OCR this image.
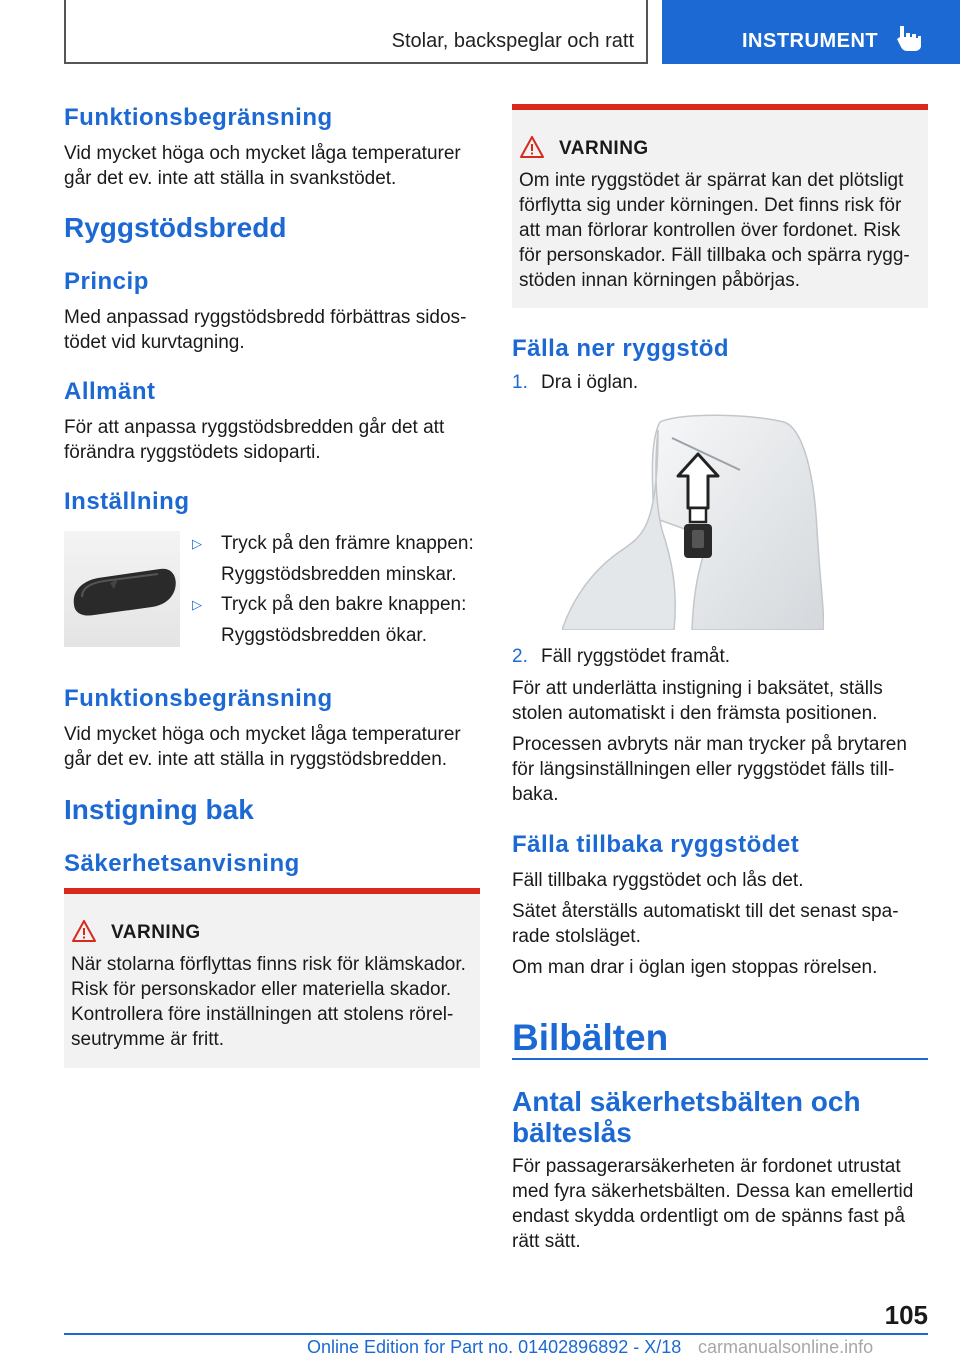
Stolar, backspeglar och ratt	INSTRUMENT
Funktionsbegränsning

Vid mycket höga och mycket låga temperaturer går det ev. inte att ställa in svankstödet.

Ryggstödsbredd
Princip

Med anpassad ryggstödsbredd förbättras sidostödet vid kurvtagning.

Allmänt

För att anpassa ryggstödsbredden går det att förändra ryggstödets sidoparti.

Inställning
▷ Tryck på den främre knappen:
Ryggstödsbredden minskar.
▷ Tryck på den bakre knappen:
Ryggstödsbredden ökar.
Funktionsbegränsning

Vid mycket höga och mycket låga temperaturer går det ev. inte att ställa in ryggstödsbredden.

Instigning bak
Säkerhetsanvisning
VARNING

När stolarna förflyttas finns risk för klämskador. Risk för personskador eller materiella skador. Kontrollera före inställningen att stolens rörelseutrymme är fritt.

VARNING

Om inte ryggstödet är spärrat kan det plötsligt förflytta sig under körningen. Det finns risk för att man förlorar kontrollen över fordonet. Risk för personskador. Fäll tillbaka och spärra ryggstöden innan körningen påbörjas.

Fälla ner ryggstöd
1. Dra i öglan.
2. Fäll ryggstödet framåt.

För att underlätta instigning i baksätet, ställs stolen automatiskt i den främsta positionen.

Processen avbryts när man trycker på brytaren för längsinställningen eller ryggstödet fälls tillbaka.

Fälla tillbaka ryggstödet

Fäll tillbaka ryggstödet och lås det.

Sätet återställs automatiskt till det senast sparade stolsläget.

Om man drar i öglan igen stoppas rörelsen.

Bilbälten
Antal säkerhetsbälten och bälteslås

För passagerarsäkerheten är fordonet utrustat med fyra säkerhetsbälten. Dessa kan emellertid endast skydda ordentligt om de spänns fast på rätt sätt.

105
Online Edition for Part no. 01402896892 - X/18 carmanualsonline.info
